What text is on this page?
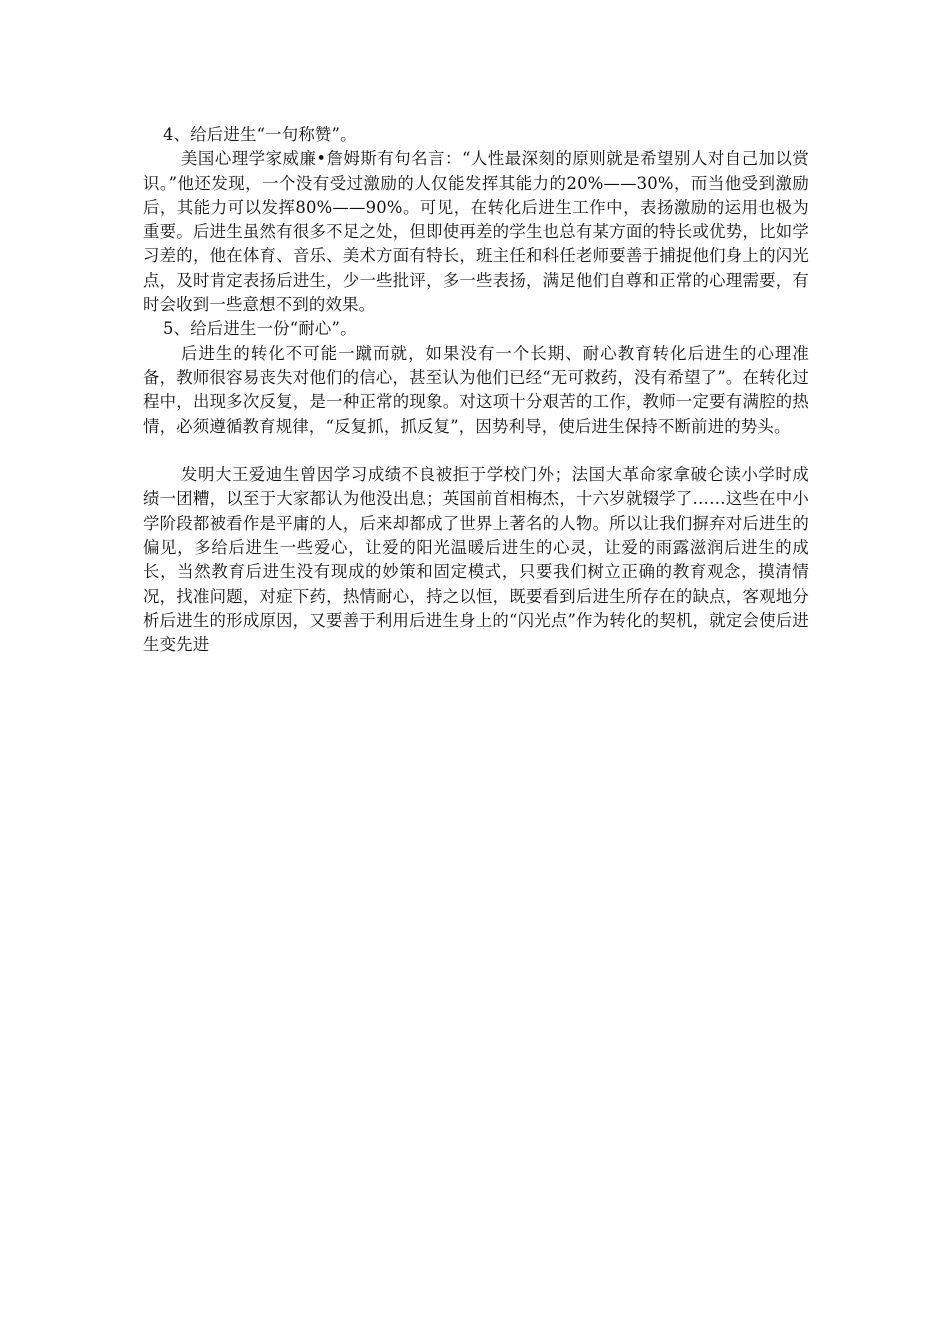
4、给后进生“一句称赞”。

美国心理学家威廉•詹姆斯有句名言：“人性最深刻的原则就是希望别人对自己加以赏识。”他还发现，一个没有受过激励的人仅能发挥其能力的20%——30%，而当他受到激励后，其能力可以发挥80%——90%。可见，在转化后进生工作中，表扬激励的运用也极为重要。后进生虽然有很多不足之处，但即使再差的学生也总有某方面的特长或优势，比如学习差的，他在体育、音乐、美术方面有特长，班主任和科任老师要善于捕捉他们身上的闪光点，及时肯定表扬后进生，少一些批评，多一些表扬，满足他们自尊和正常的心理需要，有时会收到一些意想不到的效果。

5、给后进生一份“耐心”。

后进生的转化不可能一蹴而就，如果没有一个长期、耐心教育转化后进生的心理准备，教师很容易丧失对他们的信心，甚至认为他们已经“无可救药，没有希望了”。在转化过程中，出现多次反复，是一种正常的现象。对这项十分艰苦的工作，教师一定要有满腔的热情，必须遵循教育规律，“反复抓，抓反复”，因势利导，使后进生保持不断前进的势头。

发明大王爱迪生曾因学习成绩不良被拒于学校门外；法国大革命家拿破仑读小学时成绩一团糟，以至于大家都认为他没出息；英国前首相梅杰，十六岁就辍学了……这些在中小学阶段都被看作是平庸的人，后来却都成了世界上著名的人物。所以让我们摒弃对后进生的偏见，多给后进生一些爱心，让爱的阳光温暖后进生的心灵，让爱的雨露滋润后进生的成长，当然教育后进生没有现成的妙策和固定模式，只要我们树立正确的教育观念，摸清情况，找准问题，对症下药，热情耐心，持之以恒，既要看到后进生所存在的缺点，客观地分析后进生的形成原因，又要善于利用后进生身上的“闪光点”作为转化的契机，就定会使后进生变先进
